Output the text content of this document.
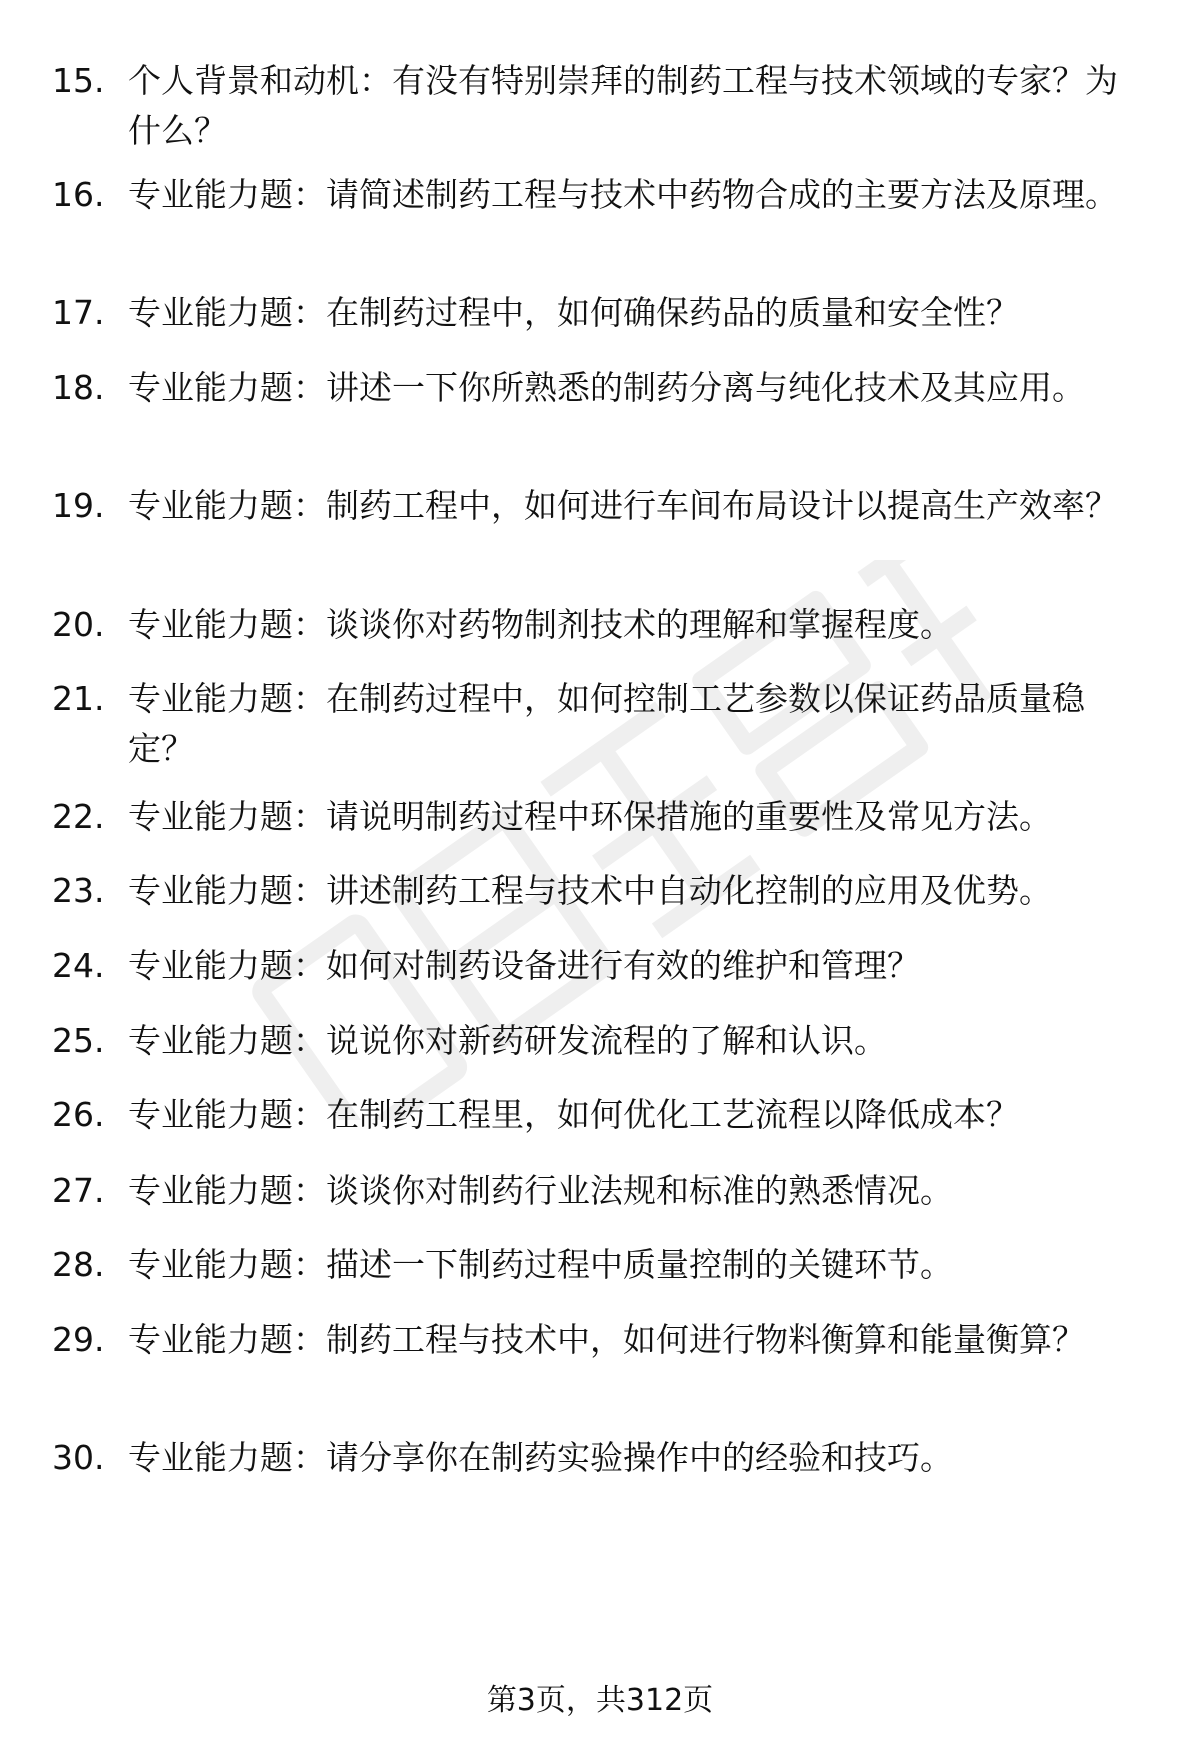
15. 个人背景和动机：有没有特别崇拜的制药工程与技术领域的专家？为什么？
16. 专业能力题：请简述制药工程与技术中药物合成的主要方法及原理。
17. 专业能力题：在制药过程中，如何确保药品的质量和安全性？
18. 专业能力题：讲述一下你所熟悉的制药分离与纯化技术及其应用。
19. 专业能力题：制药工程中，如何进行车间布局设计以提高生产效率？
20. 专业能力题：谈谈你对药物制剂技术的理解和掌握程度。
21. 专业能力题：在制药过程中，如何控制工艺参数以保证药品质量稳定？
22. 专业能力题：请说明制药过程中环保措施的重要性及常见方法。
23. 专业能力题：讲述制药工程与技术中自动化控制的应用及优势。
24. 专业能力题：如何对制药设备进行有效的维护和管理？
25. 专业能力题：说说你对新药研发流程的了解和认识。
26. 专业能力题：在制药工程里，如何优化工艺流程以降低成本？
27. 专业能力题：谈谈你对制药行业法规和标准的熟悉情况。
28. 专业能力题：描述一下制药过程中质量控制的关键环节。
29. 专业能力题：制药工程与技术中，如何进行物料衡算和能量衡算？
30. 专业能力题：请分享你在制药实验操作中的经验和技巧。
第3页，共312页
